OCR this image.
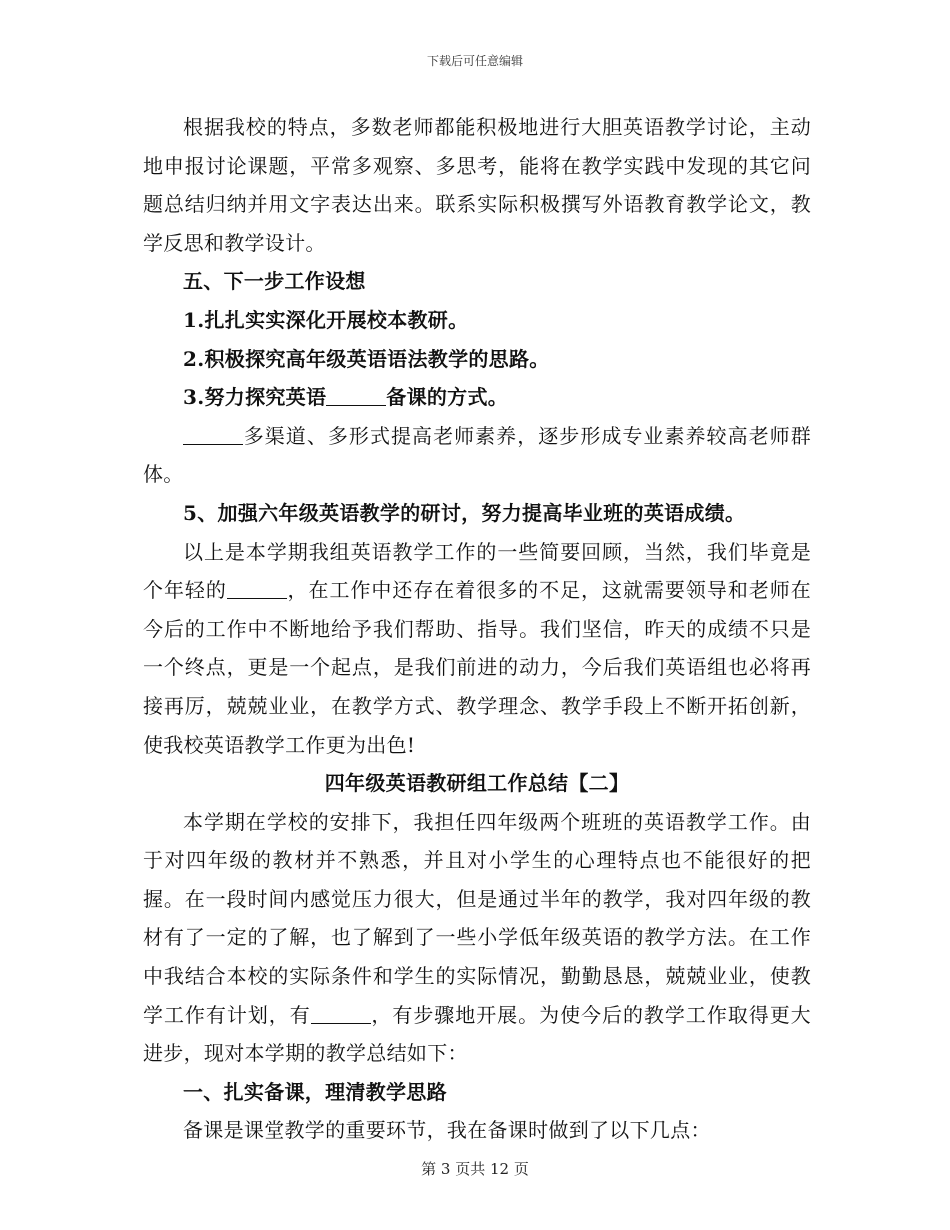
下载后可任意编辑

根据我校的特点，多数老师都能积极地进行大胆英语教学讨论，主动地申报讨论课题，平常多观察、多思考，能将在教学实践中发现的其它问题总结归纳并用文字表达出来。联系实际积极撰写外语教育教学论文，教学反思和教学设计。

五、下一步工作设想

1.扎扎实实深化开展校本教研。

2.积极探究高年级英语语法教学的思路。

3.努力探究英语	备课的方式。

多渠道、多形式提高老师素养，逐步形成专业素养较高老师群体。

5、加强六年级英语教学的研讨，努力提高毕业班的英语成绩。

以上是本学期我组英语教学工作的一些简要回顾，当然，我们毕竟是个年轻的	，在工作中还存在着很多的不足，这就需要领导和老师在今后的工作中不断地给予我们帮助、指导。我们坚信，昨天的成绩不只是一个终点，更是一个起点，是我们前进的动力，今后我们英语组也必将再接再厉，兢兢业业，在教学方式、教学理念、教学手段上不断开拓创新，使我校英语教学工作更为出色!

四年级英语教研组工作总结【二】

本学期在学校的安排下，我担任四年级两个班班的英语教学工作。由于对四年级的教材并不熟悉，并且对小学生的心理特点也不能很好的把握。在一段时间内感觉压力很大，但是通过半年的教学，我对四年级的教材有了一定的了解，也了解到了一些小学低年级英语的教学方法。在工作中我结合本校的实际条件和学生的实际情况，勤勤恳恳，兢兢业业，使教学工作有计划，有	，有步骤地开展。为使今后的教学工作取得更大进步，现对本学期的教学总结如下：

一、扎实备课，理清教学思路

备课是课堂教学的重要环节，我在备课时做到了以下几点：

第 3 页共 12 页
